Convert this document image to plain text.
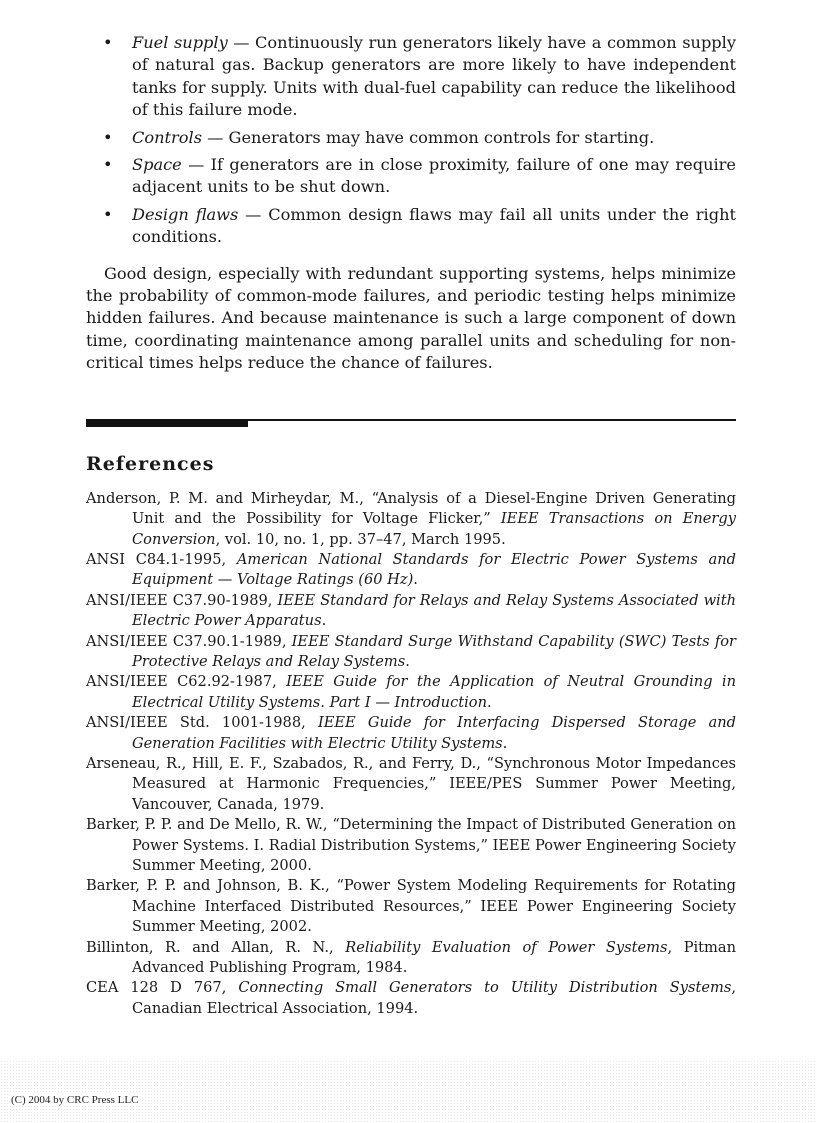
• Fuel supply — Continuously run generators likely have a common supply of natural gas. Backup generators are more likely to have independent tanks for supply. Units with dual-fuel capability can reduce the likelihood of this failure mode.
• Controls — Generators may have common controls for starting.
• Space — If generators are in close proximity, failure of one may require adjacent units to be shut down.
• Design flaws — Common design flaws may fail all units under the right conditions.

Good design, especially with redundant supporting systems, helps minimize the probability of common-mode failures, and periodic testing helps minimize hidden failures. And because maintenance is such a large component of down time, coordinating maintenance among parallel units and scheduling for non-critical times helps reduce the chance of failures.

References
Anderson, P. M. and Mirheydar, M., “Analysis of a Diesel-Engine Driven Generating Unit and the Possibility for Voltage Flicker,” IEEE Transactions on Energy Conversion, vol. 10, no. 1, pp. 37–47, March 1995.
ANSI C84.1-1995, American National Standards for Electric Power Systems and Equipment — Voltage Ratings (60 Hz).
ANSI/IEEE C37.90-1989, IEEE Standard for Relays and Relay Systems Associated with Electric Power Apparatus.
ANSI/IEEE C37.90.1-1989, IEEE Standard Surge Withstand Capability (SWC) Tests for Protective Relays and Relay Systems.
ANSI/IEEE C62.92-1987, IEEE Guide for the Application of Neutral Grounding in Electrical Utility Systems. Part I — Introduction.
ANSI/IEEE Std. 1001-1988, IEEE Guide for Interfacing Dispersed Storage and Generation Facilities with Electric Utility Systems.
Arseneau, R., Hill, E. F., Szabados, R., and Ferry, D., “Synchronous Motor Impedances Measured at Harmonic Frequencies,” IEEE/PES Summer Power Meeting, Vancouver, Canada, 1979.
Barker, P. P. and De Mello, R. W., “Determining the Impact of Distributed Generation on Power Systems. I. Radial Distribution Systems,” IEEE Power Engineering Society Summer Meeting, 2000.
Barker, P. P. and Johnson, B. K., “Power System Modeling Requirements for Rotating Machine Interfaced Distributed Resources,” IEEE Power Engineering Society Summer Meeting, 2002.
Billinton, R. and Allan, R. N., Reliability Evaluation of Power Systems, Pitman Advanced Publishing Program, 1984.
CEA 128 D 767, Connecting Small Generators to Utility Distribution Systems, Canadian Electrical Association, 1994.
(C) 2004 by CRC Press LLC
